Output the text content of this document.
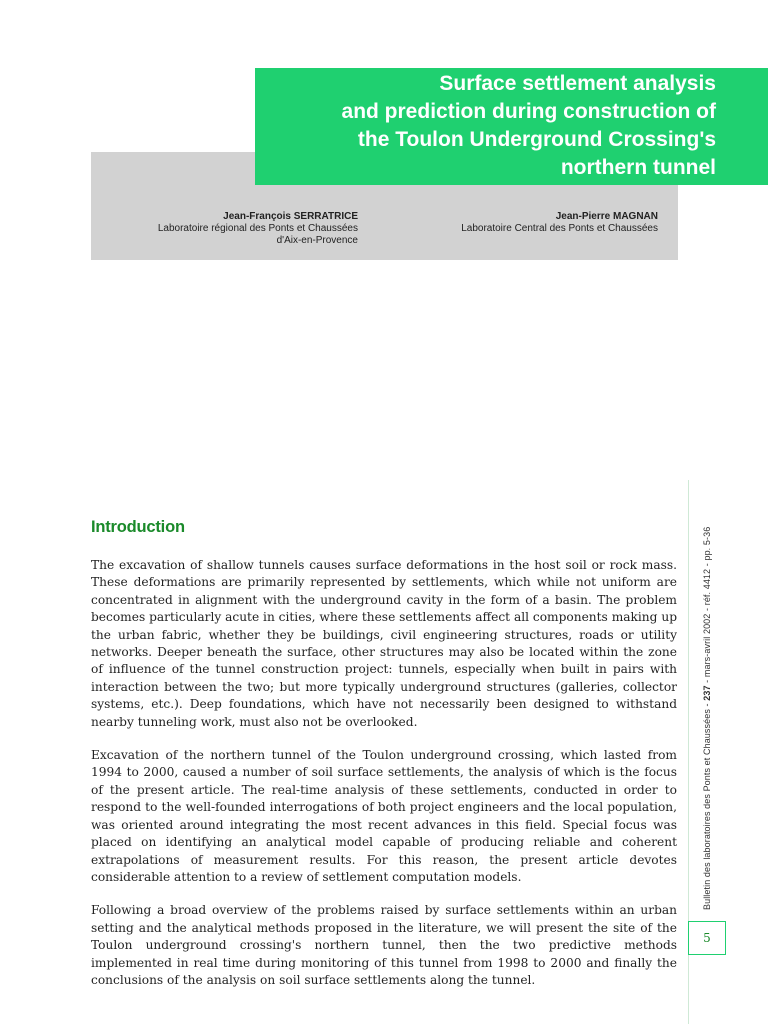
Surface settlement analysis
and prediction during construction of
the Toulon Underground Crossing's
northern tunnel
Jean-François SERRATRICE
Laboratoire régional des Ponts et Chaussées
d'Aix-en-Provence
Jean-Pierre MAGNAN
Laboratoire Central des Ponts et Chaussées
Introduction

The excavation of shallow tunnels causes surface deformations in the host soil or rock mass. These deformations are primarily represented by settlements, which while not uniform are concentrated in alignment with the underground cavity in the form of a basin. The problem becomes particularly acute in cities, where these settlements affect all components making up the urban fabric, whether they be buildings, civil engineering structures, roads or utility networks. Deeper beneath the surface, other structures may also be located within the zone of influence of the tunnel construction project: tunnels, especially when built in pairs with interaction between the two; but more typically underground structures (galleries, collector systems, etc.). Deep foundations, which have not necessarily been designed to withstand nearby tunneling work, must also not be overlooked.

Excavation of the northern tunnel of the Toulon underground crossing, which lasted from 1994 to 2000, caused a number of soil surface settlements, the analysis of which is the focus of the present article. The real-time analysis of these settlements, conducted in order to respond to the well-founded interrogations of both project engineers and the local population, was oriented around integrating the most recent advances in this field. Special focus was placed on identifying an analytical model capable of producing reliable and coherent extrapolations of measurement results. For this reason, the present article devotes considerable attention to a review of settlement computation models.

Following a broad overview of the problems raised by surface settlements within an urban setting and the analytical methods proposed in the literature, we will present the site of the Toulon underground crossing's northern tunnel, then the two predictive methods implemented in real time during monitoring of this tunnel from 1998 to 2000 and finally the conclusions of the analysis on soil surface settlements along the tunnel.

Bulletin des laboratoires des Ponts et Chaussées - 237 - mars-avril 2002 - réf. 4412 - pp. 5-36
5
